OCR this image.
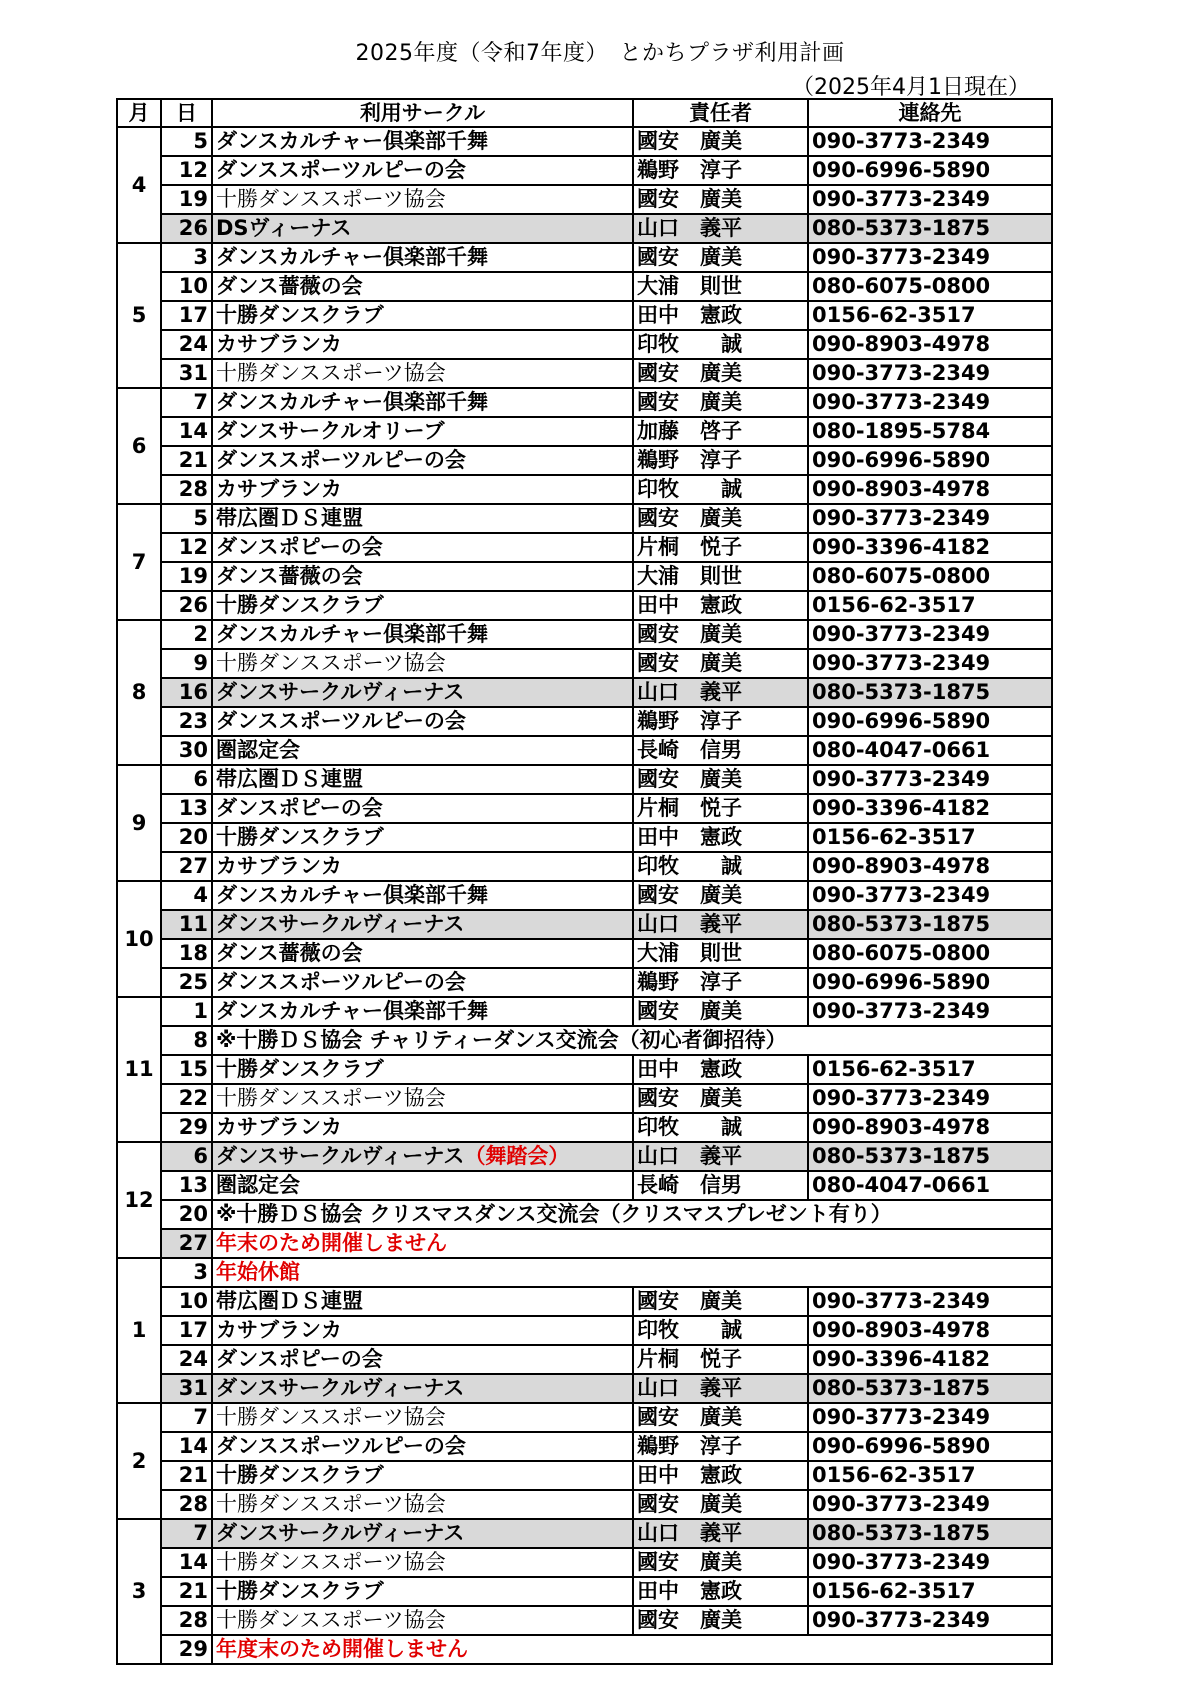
2025年度（令和7年度）　とかちプラザ利用計画
（2025年4月1日現在）
月	日	利用サークル	責任者	連絡先
4	5	ダンスカルチャー倶楽部千舞	國安　廣美	090-3773-2349
	12	ダンススポーツルピーの会	鵜野　淳子	090-6996-5890
	19	十勝ダンススポーツ協会	國安　廣美	090-3773-2349
	26	DSヴィーナス	山口　義平	080-5373-1875
5	3	ダンスカルチャー倶楽部千舞	國安　廣美	090-3773-2349
	10	ダンス薔薇の会	大浦　則世	080-6075-0800
	17	十勝ダンスクラブ	田中　憲政	0156-62-3517
	24	カサブランカ	印牧　　誠	090-8903-4978
	31	十勝ダンススポーツ協会	國安　廣美	090-3773-2349
6	7	ダンスカルチャー倶楽部千舞	國安　廣美	090-3773-2349
	14	ダンスサークルオリーブ	加藤　啓子	080-1895-5784
	21	ダンススポーツルピーの会	鵜野　淳子	090-6996-5890
	28	カサブランカ	印牧　　誠	090-8903-4978
7	5	帯広圏ＤＳ連盟	國安　廣美	090-3773-2349
	12	ダンスポピーの会	片桐　悦子	090-3396-4182
	19	ダンス薔薇の会	大浦　則世	080-6075-0800
	26	十勝ダンスクラブ	田中　憲政	0156-62-3517
8	2	ダンスカルチャー倶楽部千舞	國安　廣美	090-3773-2349
	9	十勝ダンススポーツ協会	國安　廣美	090-3773-2349
	16	ダンスサークルヴィーナス	山口　義平	080-5373-1875
	23	ダンススポーツルピーの会	鵜野　淳子	090-6996-5890
	30	圏認定会	長崎　信男	080-4047-0661
9	6	帯広圏ＤＳ連盟	國安　廣美	090-3773-2349
	13	ダンスポピーの会	片桐　悦子	090-3396-4182
	20	十勝ダンスクラブ	田中　憲政	0156-62-3517
	27	カサブランカ	印牧　　誠	090-8903-4978
10	4	ダンスカルチャー倶楽部千舞	國安　廣美	090-3773-2349
	11	ダンスサークルヴィーナス	山口　義平	080-5373-1875
	18	ダンス薔薇の会	大浦　則世	080-6075-0800
	25	ダンススポーツルピーの会	鵜野　淳子	090-6996-5890
11	1	ダンスカルチャー倶楽部千舞	國安　廣美	090-3773-2349
	8	※十勝ＤＳ協会 チャリティーダンス交流会（初心者御招待）		
	15	十勝ダンスクラブ	田中　憲政	0156-62-3517
	22	十勝ダンススポーツ協会	國安　廣美	090-3773-2349
	29	カサブランカ	印牧　　誠	090-8903-4978
12	6	ダンスサークルヴィーナス（舞踏会）	山口　義平	080-5373-1875
	13	圏認定会	長崎　信男	080-4047-0661
	20	※十勝ＤＳ協会 クリスマスダンス交流会（クリスマスプレゼント有り）		
	27	年末のため開催しません		
1	3	年始休館		
	10	帯広圏ＤＳ連盟	國安　廣美	090-3773-2349
	17	カサブランカ	印牧　　誠	090-8903-4978
	24	ダンスポピーの会	片桐　悦子	090-3396-4182
	31	ダンスサークルヴィーナス	山口　義平	080-5373-1875
2	7	十勝ダンススポーツ協会	國安　廣美	090-3773-2349
	14	ダンススポーツルピーの会	鵜野　淳子	090-6996-5890
	21	十勝ダンスクラブ	田中　憲政	0156-62-3517
	28	十勝ダンススポーツ協会	國安　廣美	090-3773-2349
3	7	ダンスサークルヴィーナス	山口　義平	080-5373-1875
	14	十勝ダンススポーツ協会	國安　廣美	090-3773-2349
	21	十勝ダンスクラブ	田中　憲政	0156-62-3517
	28	十勝ダンススポーツ協会	國安　廣美	090-3773-2349
	29	年度末のため開催しません		
